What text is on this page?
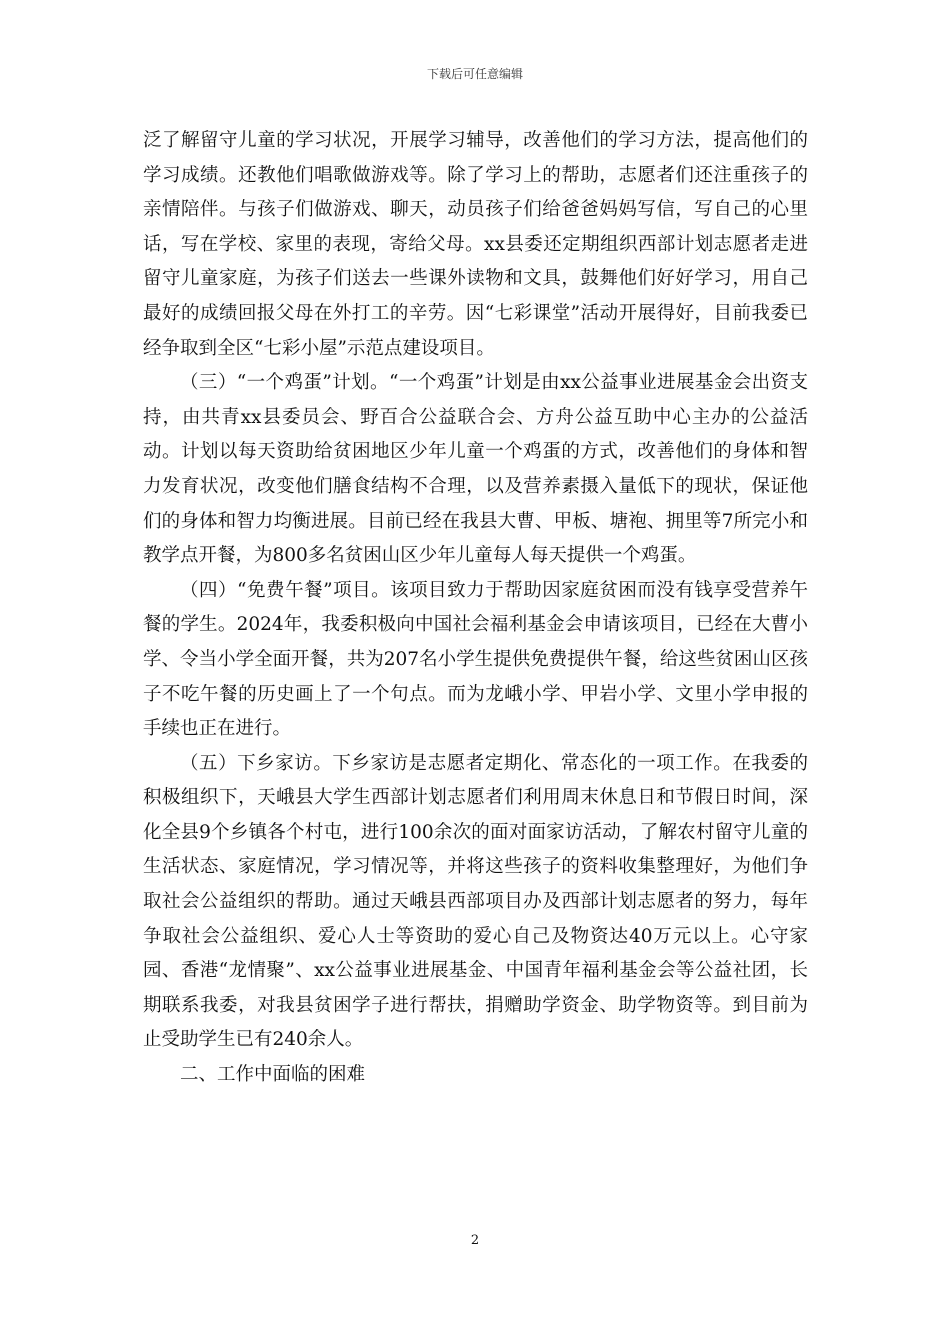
下载后可任意编辑

泛了解留守儿童的学习状况，开展学习辅导，改善他们的学习方法，提高他们的学习成绩。还教他们唱歌做游戏等。除了学习上的帮助，志愿者们还注重孩子的亲情陪伴。与孩子们做游戏、聊天，动员孩子们给爸爸妈妈写信，写自己的心里话，写在学校、家里的表现，寄给父母。xx县委还定期组织西部计划志愿者走进留守儿童家庭，为孩子们送去一些课外读物和文具，鼓舞他们好好学习，用自己最好的成绩回报父母在外打工的辛劳。因“七彩课堂”活动开展得好，目前我委已经争取到全区“七彩小屋”示范点建设项目。

（三）“一个鸡蛋”计划。“一个鸡蛋”计划是由xx公益事业进展基金会出资支持，由共青xx县委员会、野百合公益联合会、方舟公益互助中心主办的公益活动。计划以每天资助给贫困地区少年儿童一个鸡蛋的方式，改善他们的身体和智力发育状况，改变他们膳食结构不合理，以及营养素摄入量低下的现状，保证他们的身体和智力均衡进展。目前已经在我县大曹、甲板、塘袍、拥里等7所完小和教学点开餐，为800多名贫困山区少年儿童每人每天提供一个鸡蛋。

（四）“免费午餐”项目。该项目致力于帮助因家庭贫困而没有钱享受营养午餐的学生。2024年，我委积极向中国社会福利基金会申请该项目，已经在大曹小学、令当小学全面开餐，共为207名小学生提供免费提供午餐，给这些贫困山区孩子不吃午餐的历史画上了一个句点。而为龙峨小学、甲岩小学、文里小学申报的手续也正在进行。

（五）下乡家访。下乡家访是志愿者定期化、常态化的一项工作。在我委的积极组织下，天峨县大学生西部计划志愿者们利用周末休息日和节假日时间，深化全县9个乡镇各个村屯，进行100余次的面对面家访活动，了解农村留守儿童的生活状态、家庭情况，学习情况等，并将这些孩子的资料收集整理好，为他们争取社会公益组织的帮助。通过天峨县西部项目办及西部计划志愿者的努力，每年争取社会公益组织、爱心人士等资助的爱心自己及物资达40万元以上。心守家园、香港“龙情聚”、xx公益事业进展基金、中国青年福利基金会等公益社团，长期联系我委，对我县贫困学子进行帮扶，捐赠助学资金、助学物资等。到目前为止受助学生已有240余人。

二、工作中面临的困难

2
